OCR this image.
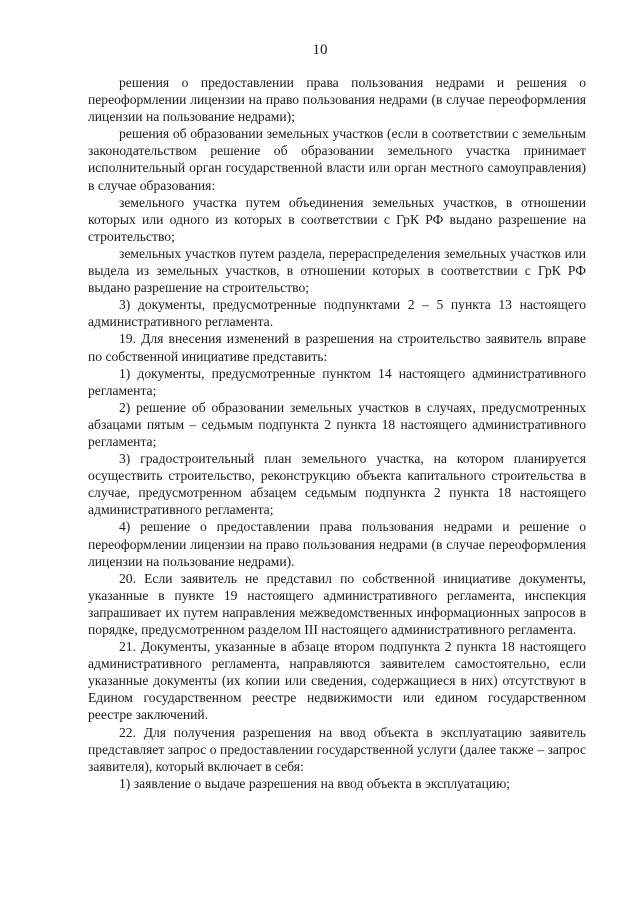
10

решения о предоставлении права пользования недрами и решения о переоформлении лицензии на право пользования недрами (в случае переоформления лицензии на пользование недрами);

решения об образовании земельных участков (если в соответствии с земельным законодательством решение об образовании земельного участка принимает исполнительный орган государственной власти или орган местного самоуправления) в случае образования:

земельного участка путем объединения земельных участков, в отношении которых или одного из которых в соответствии с ГрК РФ выдано разрешение на строительство;

земельных участков путем раздела, перераспределения земельных участков или выдела из земельных участков, в отношении которых в соответствии с ГрК РФ выдано разрешение на строительство;

3) документы, предусмотренные подпунктами 2 – 5 пункта 13 настоящего административного регламента.

19. Для внесения изменений в разрешения на строительство заявитель вправе по собственной инициативе представить:

1) документы, предусмотренные пунктом 14 настоящего административного регламента;

2) решение об образовании земельных участков в случаях, предусмотренных абзацами пятым – седьмым подпункта 2 пункта 18 настоящего административного регламента;

3) градостроительный план земельного участка, на котором планируется осуществить строительство, реконструкцию объекта капитального строительства в случае, предусмотренном абзацем седьмым подпункта 2 пункта 18 настоящего административного регламента;

4) решение о предоставлении права пользования недрами и решение о переоформлении лицензии на право пользования недрами (в случае переоформления лицензии на пользование недрами).

20. Если заявитель не представил по собственной инициативе документы, указанные в пункте 19 настоящего административного регламента, инспекция запрашивает их путем направления межведомственных информационных запросов в порядке, предусмотренном разделом III настоящего административного регламента.

21. Документы, указанные в абзаце втором подпункта 2 пункта 18 настоящего административного регламента, направляются заявителем самостоятельно, если указанные документы (их копии или сведения, содержащиеся в них) отсутствуют в Едином государственном реестре недвижимости или едином государственном реестре заключений.

22. Для получения разрешения на ввод объекта в эксплуатацию заявитель представляет запрос о предоставлении государственной услуги (далее также – запрос заявителя), который включает в себя:

1) заявление о выдаче разрешения на ввод объекта в эксплуатацию;
